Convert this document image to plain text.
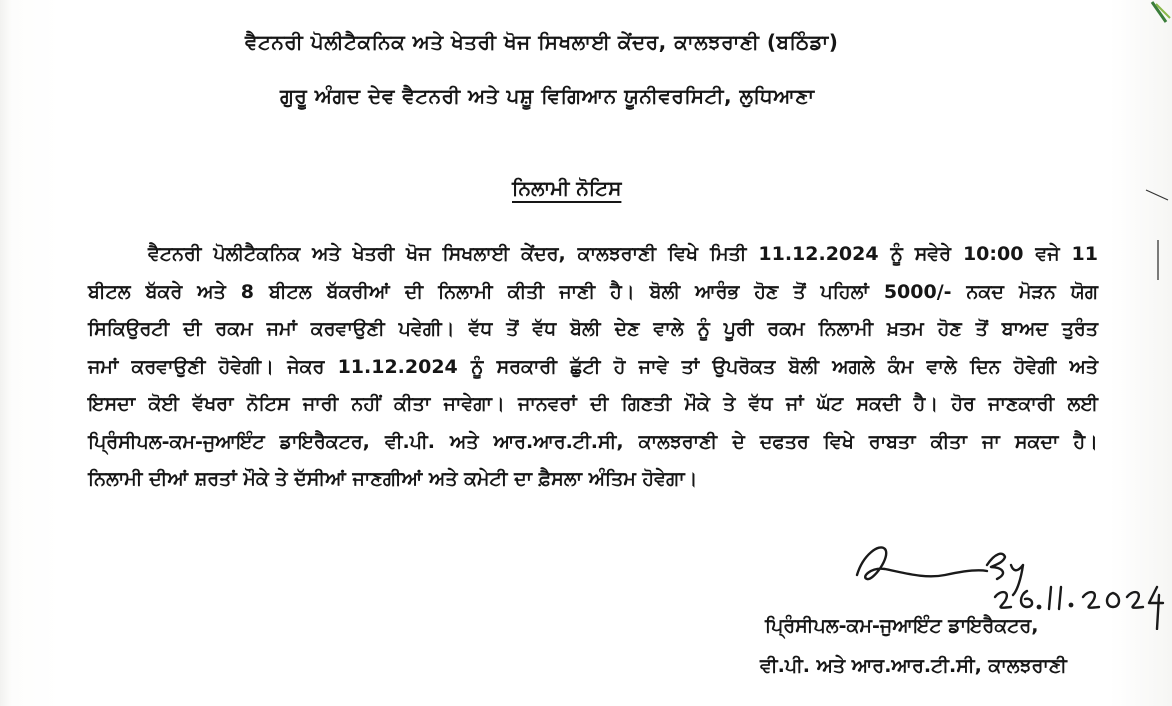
ਵੈਟਨਰੀ ਪੋਲੀਟੈਕਨਿਕ ਅਤੇ ਖੇਤਰੀ ਖੋਜ ਸਿਖਲਾਈ ਕੇਂਦਰ, ਕਾਲਝਰਾਣੀ (ਬਠਿੰਡਾ)
ਗੁਰੂ ਅੰਗਦ ਦੇਵ ਵੈਟਨਰੀ ਅਤੇ ਪਸ਼ੂ ਵਿਗਿਆਨ ਯੂਨੀਵਰਸਿਟੀ, ਲੁਧਿਆਣਾ
ਨਿਲਾਮੀ ਨੋਟਿਸ
ਵੈਟਨਰੀ ਪੋਲੀਟੈਕਨਿਕ ਅਤੇ ਖੇਤਰੀ ਖੋਜ ਸਿਖਲਾਈ ਕੇਂਦਰ, ਕਾਲਝਰਾਣੀ ਵਿਖੇ ਮਿਤੀ 11.12.2024 ਨੂੰ ਸਵੇਰੇ 10:00 ਵਜੇ 11
ਬੀਟਲ ਬੱਕਰੇ ਅਤੇ 8 ਬੀਟਲ ਬੱਕਰੀਆਂ ਦੀ ਨਿਲਾਮੀ ਕੀਤੀ ਜਾਣੀ ਹੈ। ਬੋਲੀ ਆਰੰਭ ਹੋਣ ਤੋਂ ਪਹਿਲਾਂ 5000/- ਨਕਦ ਮੋੜਨ ਯੋਗ
ਸਿਕਿਉਰਟੀ ਦੀ ਰਕਮ ਜਮਾਂ ਕਰਵਾਉਣੀ ਪਵੇਗੀ। ਵੱਧ ਤੋਂ ਵੱਧ ਬੋਲੀ ਦੇਣ ਵਾਲੇ ਨੂੰ ਪੂਰੀ ਰਕਮ ਨਿਲਾਮੀ ਖ਼ਤਮ ਹੋਣ ਤੋਂ ਬਾਅਦ ਤੁਰੰਤ
ਜਮਾਂ ਕਰਵਾਉਣੀ ਹੋਵੇਗੀ। ਜੇਕਰ 11.12.2024 ਨੂੰ ਸਰਕਾਰੀ ਛੁੱਟੀ ਹੋ ਜਾਵੇ ਤਾਂ ਉਪਰੋਕਤ ਬੋਲੀ ਅਗਲੇ ਕੰਮ ਵਾਲੇ ਦਿਨ ਹੋਵੇਗੀ ਅਤੇ
ਇਸਦਾ ਕੋਈ ਵੱਖਰਾ ਨੋਟਿਸ ਜਾਰੀ ਨਹੀਂ ਕੀਤਾ ਜਾਵੇਗਾ। ਜਾਨਵਰਾਂ ਦੀ ਗਿਣਤੀ ਮੌਕੇ ਤੇ ਵੱਧ ਜਾਂ ਘੱਟ ਸਕਦੀ ਹੈ। ਹੋਰ ਜਾਣਕਾਰੀ ਲਈ
ਪ੍ਰਿੰਸੀਪਲ-ਕਮ-ਜੁਆਇੰਟ ਡਾਇਰੈਕਟਰ, ਵੀ.ਪੀ. ਅਤੇ ਆਰ.ਆਰ.ਟੀ.ਸੀ, ਕਾਲਝਰਾਣੀ ਦੇ ਦਫਤਰ ਵਿਖੇ ਰਾਬਤਾ ਕੀਤਾ ਜਾ ਸਕਦਾ ਹੈ।
ਨਿਲਾਮੀ ਦੀਆਂ ਸ਼ਰਤਾਂ ਮੌਕੇ ਤੇ ਦੱਸੀਆਂ ਜਾਣਗੀਆਂ ਅਤੇ ਕਮੇਟੀ ਦਾ ਫ਼ੈਸਲਾ ਅੰਤਿਮ ਹੋਵੇਗਾ।
ਪ੍ਰਿੰਸੀਪਲ-ਕਮ-ਜੁਆਇੰਟ ਡਾਇਰੈਕਟਰ,
ਵੀ.ਪੀ. ਅਤੇ ਆਰ.ਆਰ.ਟੀ.ਸੀ, ਕਾਲਝਰਾਣੀ
